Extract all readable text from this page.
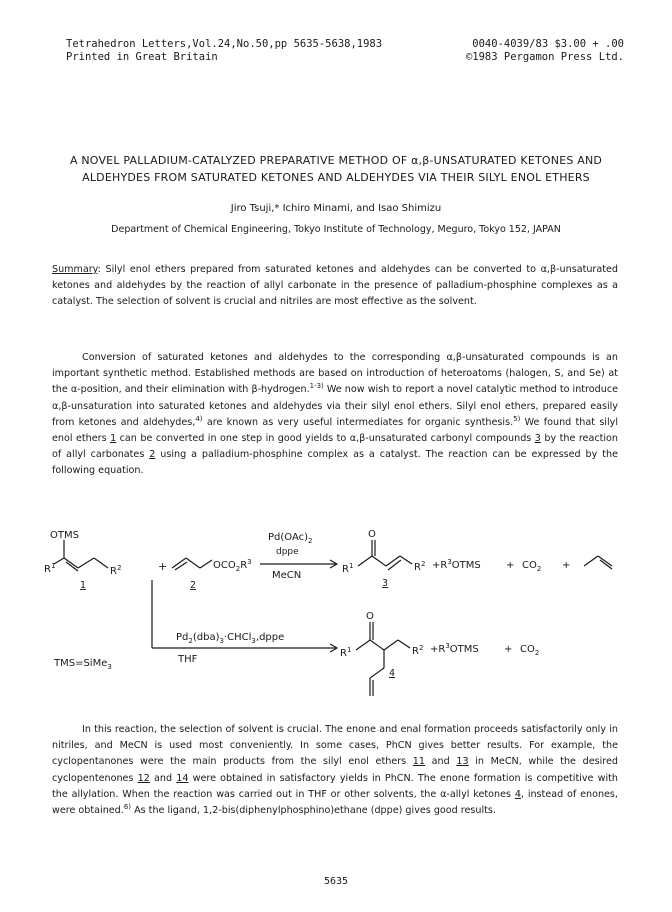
Tetrahedron Letters,Vol.24,No.50,pp 5635-5638,1983
Printed in Great Britain
0040-4039/83 $3.00 + .00
©1983 Pergamon Press Ltd.
A NOVEL PALLADIUM-CATALYZED PREPARATIVE METHOD OF α,β-UNSATURATED KETONES AND
ALDEHYDES FROM SATURATED KETONES AND ALDEHYDES VIA THEIR SILYL ENOL ETHERS
Jiro Tsuji,* Ichiro Minami, and Isao Shimizu
Department of Chemical Engineering, Tokyo Institute of Technology, Meguro, Tokyo 152, JAPAN
Summary: Silyl enol ethers prepared from saturated ketones and aldehydes can be converted to α,β-unsaturated ketones and aldehydes by the reaction of allyl carbonate in the presence of palladium-phosphine complexes as a catalyst. The selection of solvent is crucial and nitriles are most effective as the solvent.
Conversion of saturated ketones and aldehydes to the corresponding α,β-unsaturated compounds is an important synthetic method. Established methods are based on introduction of heteroatoms (halogen, S, and Se) at the α-position, and their elimination with β-hydrogen.$^{1-3)}$ We now wish to report a novel catalytic method to introduce α,β-unsaturation into saturated ketones and aldehydes via their silyl enol ethers. Silyl enol ethers, prepared easily from ketones and aldehydes,$^{4)}$ are known as very useful intermediates for organic synthesis.$^{5)}$ We found that silyl enol ethers 1 can be converted in one step in good yields to α,β-unsaturated carbonyl compounds 3 by the reaction of allyl carbonates 2 using a palladium-phosphine complex as a catalyst. The reaction can be expressed by the following equation.
OTMS
$R^1$	$R^2$
1
+	$OCO_2R^3$
2
$Pd(OAc)_2$
dppe
MeCN
O
$R^1$	$R^2$
3
$+R^3OTMS$	+ $CO_2$ +
$Pd_2(dba)_3\cdot CHCl_3,dppe$
THF
TMS=SiMe$_3$
O
$R^1$	$R^2$ $+R^3OTMS$	+ $CO_2$
4
In this reaction, the selection of solvent is crucial. The enone and enal formation proceeds satisfactorily only in nitriles, and MeCN is used most conveniently. In some cases, PhCN gives better results. For example, the cyclopentanones were the main products from the silyl enol ethers 11 and 13 in MeCN, while the desired cyclopentenones 12 and 14 were obtained in satisfactory yields in PhCN. The enone formation is competitive with the allylation. When the reaction was carried out in THF or other solvents, the α-allyl ketones 4, instead of enones, were obtained.$^{6)}$ As the ligand, 1,2-bis(diphenylphosphino)ethane (dppe) gives good results.
5635
